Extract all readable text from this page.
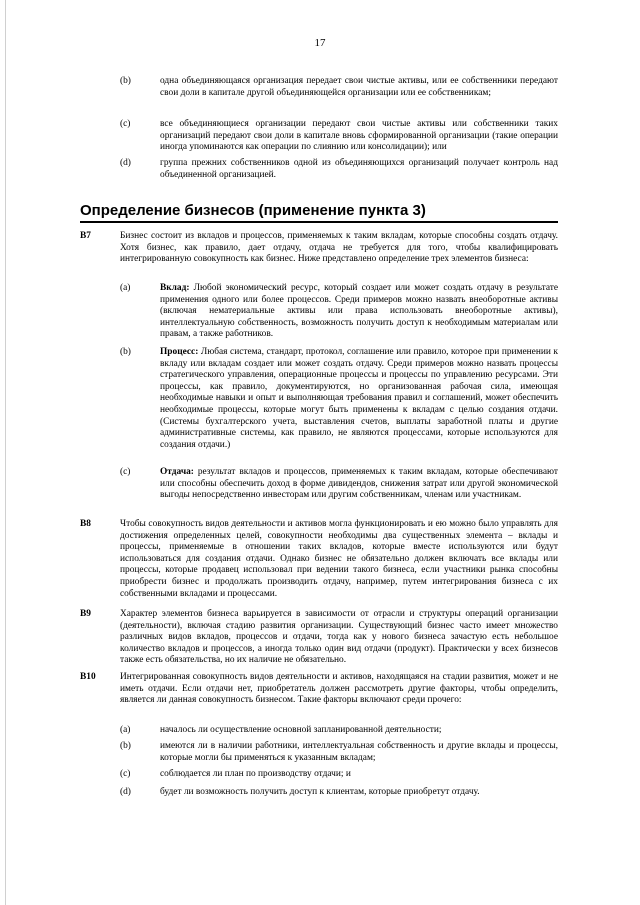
17
(b)	одна объединяющаяся организация передает свои чистые активы, или ее собственники передают свои доли в капитале другой объединяющейся организации или ее собственникам;
(c)	все объединяющиеся организации передают свои чистые активы или собственники таких организаций передают свои доли в капитале вновь сформированной организации (такие операции иногда упоминаются как операции по слиянию или консолидации); или
(d)	группа прежних собственников одной из объединяющихся организаций получает контроль над объединенной организацией.
Определение бизнесов (применение пункта 3)
B7	Бизнес состоит из вкладов и процессов, применяемых к таким вкладам, которые способны создать отдачу. Хотя бизнес, как правило, дает отдачу, отдача не требуется для того, чтобы квалифицировать интегрированную совокупность как бизнес. Ниже представлено определение трех элементов бизнеса:
(a)	Вклад: Любой экономический ресурс, который создает или может создать отдачу в результате применения одного или более процессов. Среди примеров можно назвать внеоборотные активы (включая нематериальные активы или права использовать внеоборотные активы), интеллектуальную собственность, возможность получить доступ к необходимым материалам или правам, а также работников.
(b)	Процесс: Любая система, стандарт, протокол, соглашение или правило, которое при применении к вкладу или вкладам создает или может создать отдачу. Среди примеров можно назвать процессы стратегического управления, операционные процессы и процессы по управлению ресурсами. Эти процессы, как правило, документируются, но организованная рабочая сила, имеющая необходимые навыки и опыт и выполняющая требования правил и соглашений, может обеспечить необходимые процессы, которые могут быть применены к вкладам с целью создания отдачи. (Системы бухгалтерского учета, выставления счетов, выплаты заработной платы и другие административные системы, как правило, не являются процессами, которые используются для создания отдачи.)
(c)	Отдача: результат вкладов и процессов, применяемых к таким вкладам, которые обеспечивают или способны обеспечить доход в форме дивидендов, снижения затрат или другой экономической выгоды непосредственно инвесторам или другим собственникам, членам или участникам.
B8	Чтобы совокупность видов деятельности и активов могла функционировать и ею можно было управлять для достижения определенных целей, совокупности необходимы два существенных элемента – вклады и процессы, применяемые в отношении таких вкладов, которые вместе используются или будут использоваться для создания отдачи. Однако бизнес не обязательно должен включать все вклады или процессы, которые продавец использовал при ведении такого бизнеса, если участники рынка способны приобрести бизнес и продолжать производить отдачу, например, путем интегрирования бизнеса с их собственными вкладами и процессами.
B9	Характер элементов бизнеса варьируется в зависимости от отрасли и структуры операций организации (деятельности), включая стадию развития организации. Существующий бизнес часто имеет множество различных видов вкладов, процессов и отдачи, тогда как у нового бизнеса зачастую есть небольшое количество вкладов и процессов, а иногда только один вид отдачи (продукт). Практически у всех бизнесов также есть обязательства, но их наличие не обязательно.
B10	Интегрированная совокупность видов деятельности и активов, находящаяся на стадии развития, может и не иметь отдачи. Если отдачи нет, приобретатель должен рассмотреть другие факторы, чтобы определить, является ли данная совокупность бизнесом. Такие факторы включают среди прочего:
(a)	началось ли осуществление основной запланированной деятельности;
(b)	имеются ли в наличии работники, интеллектуальная собственность и другие вклады и процессы, которые могли бы применяться к указанным вкладам;
(c)	соблюдается ли план по производству отдачи; и
(d)	будет ли возможность получить доступ к клиентам, которые приобретут отдачу.
